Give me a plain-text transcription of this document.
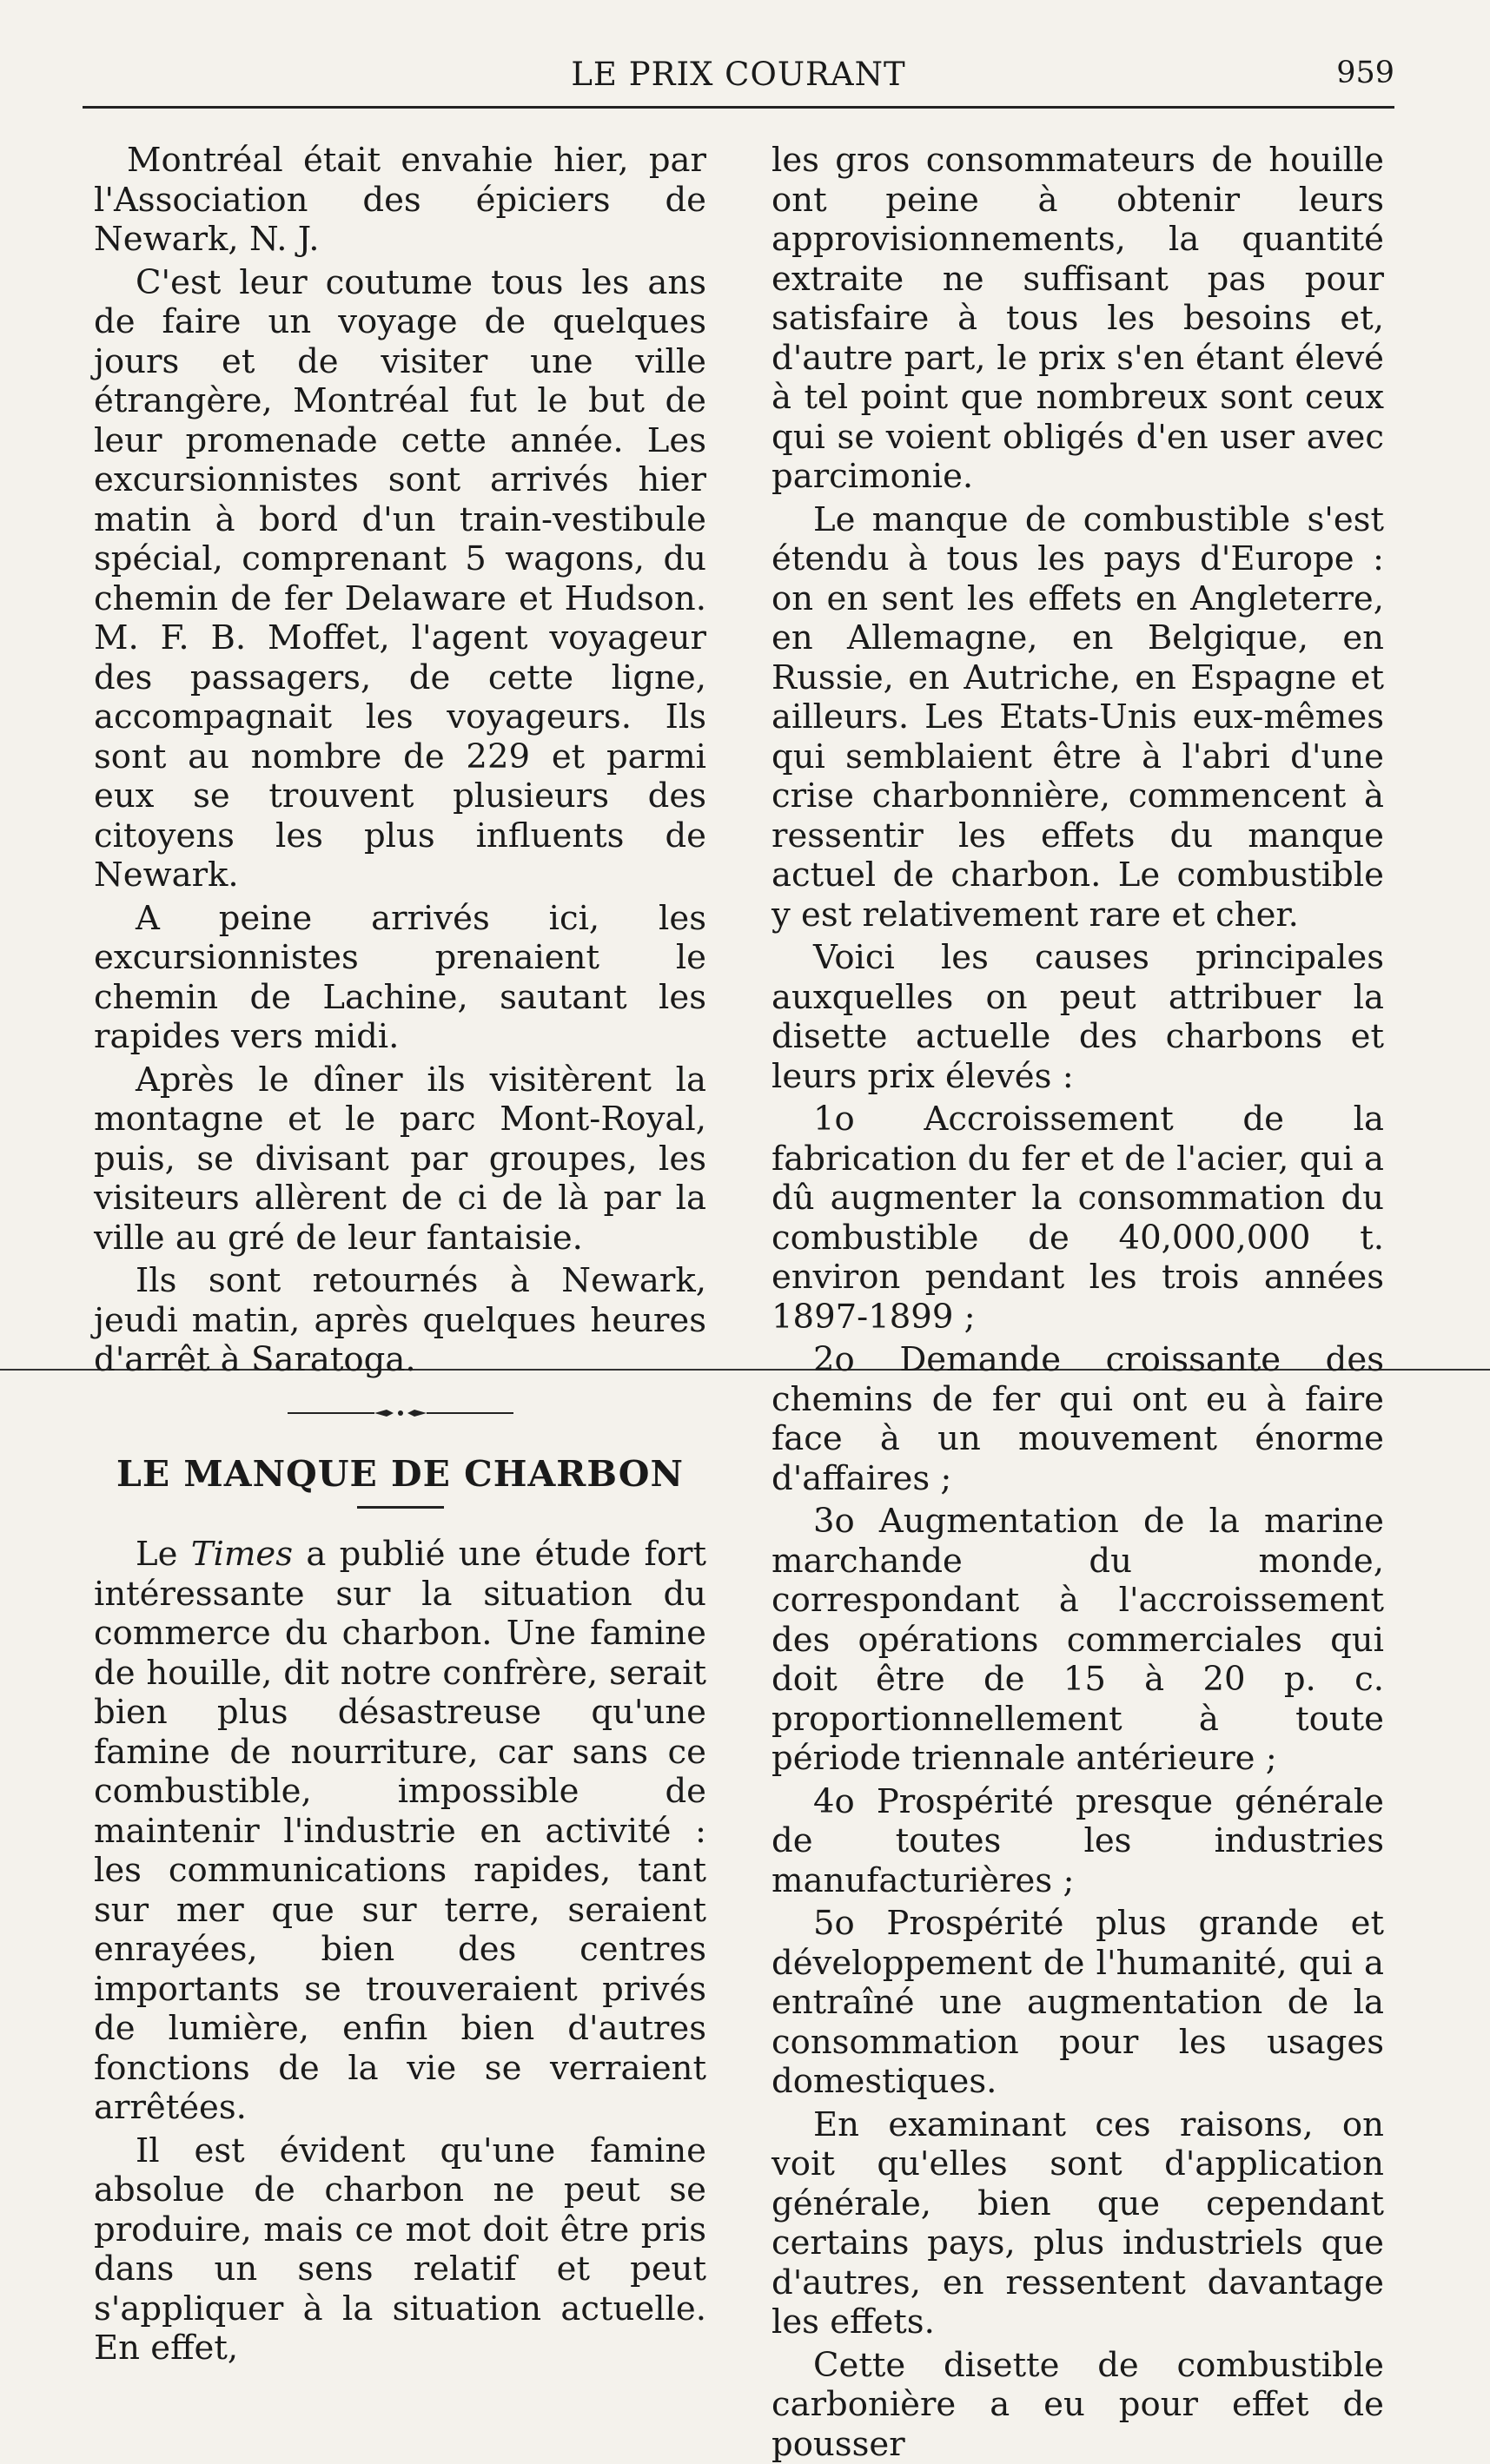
LE PRIX COURANT	959

Montréal était envahie hier, par l'Association des épiciers de Newark, N. J.

C'est leur coutume tous les ans de faire un voyage de quelques jours et de visiter une ville étrangère, Montréal fut le but de leur promenade cette année. Les excursionnistes sont arrivés hier matin à bord d'un train-vestibule spécial, comprenant 5 wagons, du chemin de fer Delaware et Hudson. M. F. B. Moffet, l'agent voyageur des passagers, de cette ligne, accompagnait les voyageurs. Ils sont au nombre de 229 et parmi eux se trouvent plusieurs des citoyens les plus influents de Newark.

A peine arrivés ici, les excursionnistes prenaient le chemin de Lachine, sautant les rapides vers midi.

Après le dîner ils visitèrent la montagne et le parc Mont-Royal, puis, se divisant par groupes, les visiteurs allèrent de ci de là par la ville au gré de leur fantaisie.

Ils sont retournés à Newark, jeudi matin, après quelques heures d'arrêt à Saratoga.

LE MANQUE DE CHARBON

Le Times a publié une étude fort intéressante sur la situation du commerce du charbon. Une famine de houille, dit notre confrère, serait bien plus désastreuse qu'une famine de nourriture, car sans ce combustible, impossible de maintenir l'industrie en activité : les communications rapides, tant sur mer que sur terre, seraient enrayées, bien des centres importants se trouveraient privés de lumière, enfin bien d'autres fonctions de la vie se verraient arrêtées.

Il est évident qu'une famine absolue de charbon ne peut se produire, mais ce mot doit être pris dans un sens relatif et peut s'appliquer à la situation actuelle. En effet,

les gros consommateurs de houille ont peine à obtenir leurs approvisionnements, la quantité extraite ne suffisant pas pour satisfaire à tous les besoins et, d'autre part, le prix s'en étant élevé à tel point que nombreux sont ceux qui se voient obligés d'en user avec parcimonie.

Le manque de combustible s'est étendu à tous les pays d'Europe : on en sent les effets en Angleterre, en Allemagne, en Belgique, en Russie, en Autriche, en Espagne et ailleurs. Les Etats-Unis eux-mêmes qui semblaient être à l'abri d'une crise charbonnière, commencent à ressentir les effets du manque actuel de charbon. Le combustible y est relativement rare et cher.

Voici les causes principales auxquelles on peut attribuer la disette actuelle des charbons et leurs prix élevés :

1o Accroissement de la fabrication du fer et de l'acier, qui a dû augmenter la consommation du combustible de 40,000,000 t. environ pendant les trois années 1897-1899 ;

2o Demande croissante des chemins de fer qui ont eu à faire face à un mouvement énorme d'affaires ;

3o Augmentation de la marine marchande du monde, correspondant à l'accroissement des opérations commerciales qui doit être de 15 à 20 p. c. proportionnellement à toute période triennale antérieure ;

4o Prospérité presque générale de toutes les industries manufacturières ;

5o Prospérité plus grande et développement de l'humanité, qui a entraîné une augmentation de la consommation pour les usages domestiques.

En examinant ces raisons, on voit qu'elles sont d'application générale, bien que cependant certains pays, plus industriels que d'autres, en ressentent davantage les effets.

Cette disette de combustible carbonière a eu pour effet de pousser
